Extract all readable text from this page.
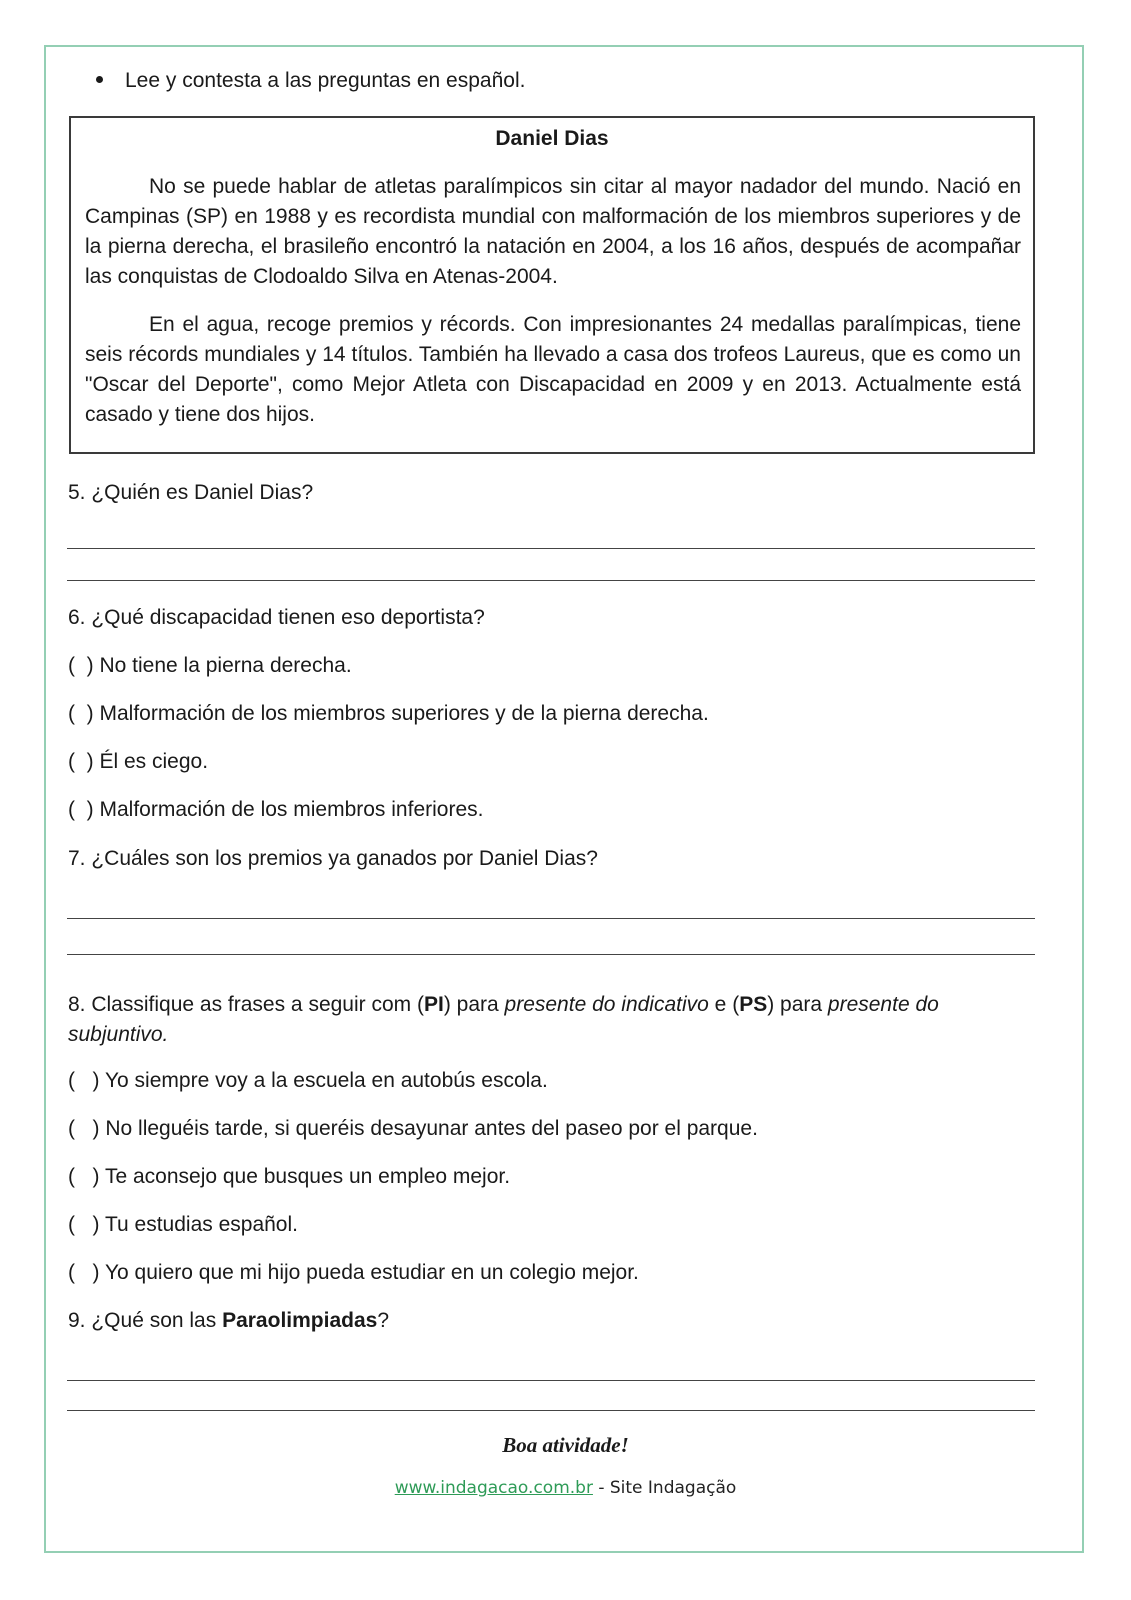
Lee y contesta a las preguntas en español.
Daniel Dias
No se puede hablar de atletas paralímpicos sin citar al mayor nadador del mundo. Nació en Campinas (SP) en 1988 y es recordista mundial con malformación de los miembros superiores y de la pierna derecha, el brasileño encontró la natación en 2004, a los 16 años, después de acompañar las conquistas de Clodoaldo Silva en Atenas-2004.
En el agua, recoge premios y récords. Con impresionantes 24 medallas paralímpicas, tiene seis récords mundiales y 14 títulos. También ha llevado a casa dos trofeos Laureus, que es como un "Oscar del Deporte", como Mejor Atleta con Discapacidad en 2009 y en 2013. Actualmente está casado y tiene dos hijos.
5. ¿Quién es Daniel Dias?
6. ¿Qué discapacidad tienen eso deportista?
(  ) No tiene la pierna derecha.
(  ) Malformación de los miembros superiores y de la pierna derecha.
(  ) Él es ciego.
(  ) Malformación de los miembros inferiores.
7. ¿Cuáles son los premios ya ganados por Daniel Dias?
8. Classifique as frases a seguir com (PI) para presente do indicativo e (PS) para presente do subjuntivo.
(   ) Yo siempre voy a la escuela en autobús escola.
(   ) No lleguéis tarde, si queréis desayunar antes del paseo por el parque.
(   ) Te aconsejo que busques un empleo mejor.
(   ) Tu estudias español.
(   ) Yo quiero que mi hijo pueda estudiar en un colegio mejor.
9. ¿Qué son las Paraolimpiadas?
Boa atividade!
www.indagacao.com.br - Site Indagação
